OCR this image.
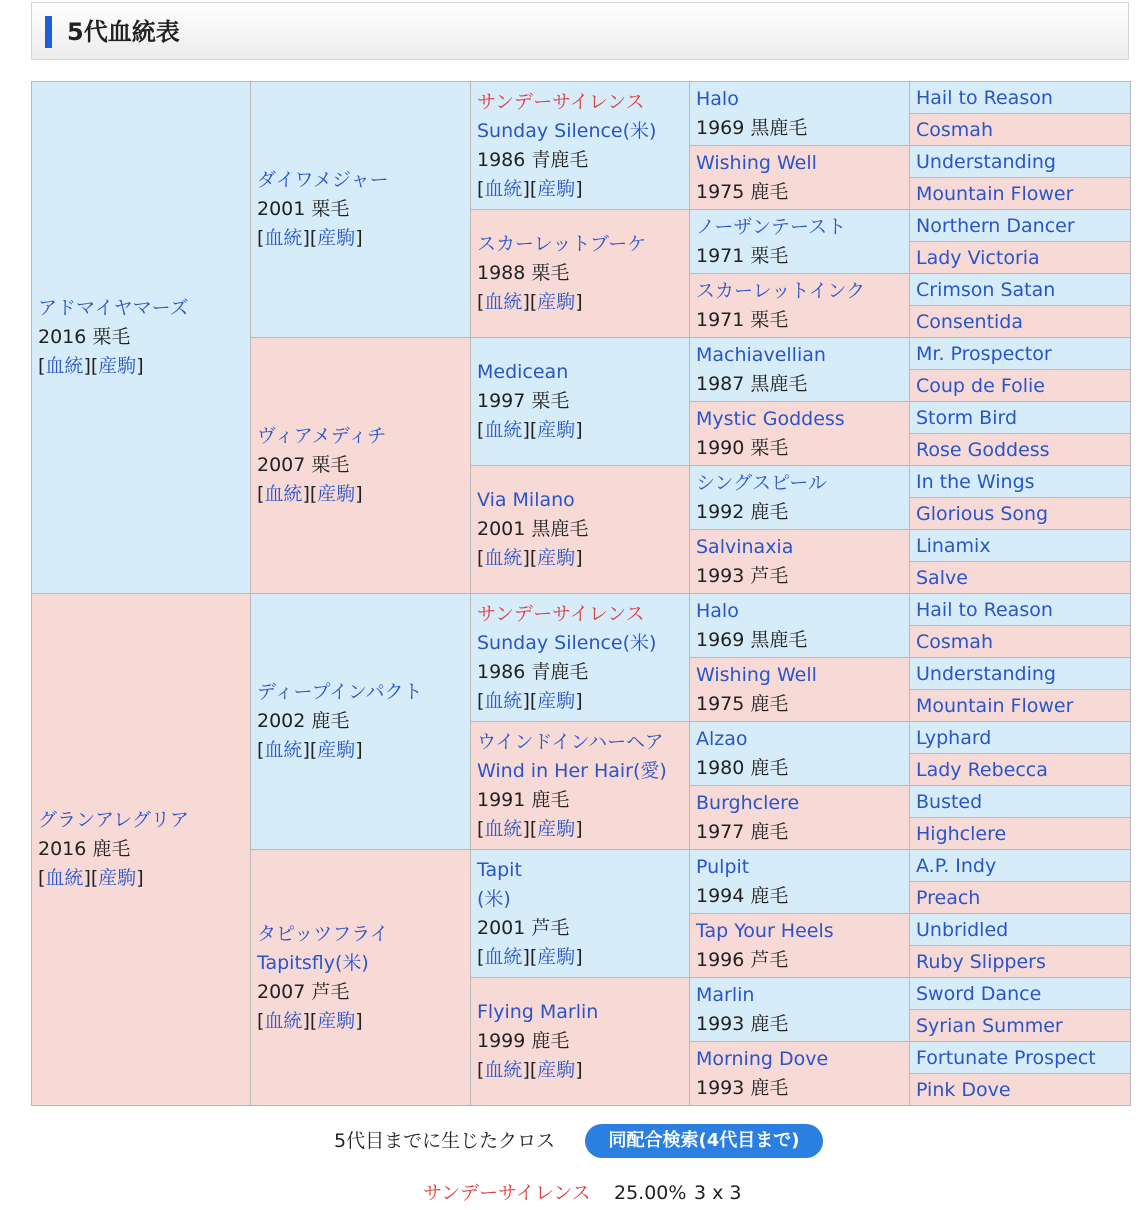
5代血統表
アドマイヤマーズ
2016 栗毛
[血統][産駒]	ダイワメジャー
2001 栗毛
[血統][産駒]	サンデーサイレンス
Sunday Silence(米)
1986 青鹿毛
[血統][産駒]	Halo
1969 黒鹿毛	Hail to Reason

				Cosmah

			Wishing Well
1975 鹿毛	Understanding

				Mountain Flower

		スカーレットブーケ
1988 栗毛
[血統][産駒]	ノーザンテースト
1971 栗毛	Northern Dancer

				Lady Victoria

			スカーレットインク
1971 栗毛	Crimson Satan

				Consentida

	ヴィアメディチ
2007 栗毛
[血統][産駒]	Medicean
1997 栗毛
[血統][産駒]	Machiavellian
1987 黒鹿毛	Mr. Prospector

				Coup de Folie

			Mystic Goddess
1990 栗毛	Storm Bird

				Rose Goddess

		Via Milano
2001 黒鹿毛
[血統][産駒]	シングスピール
1992 鹿毛	In the Wings

				Glorious Song

			Salvinaxia
1993 芦毛	Linamix

				Salve

グランアレグリア
2016 鹿毛
[血統][産駒]	ディープインパクト
2002 鹿毛
[血統][産駒]	サンデーサイレンス
Sunday Silence(米)
1986 青鹿毛
[血統][産駒]	Halo
1969 黒鹿毛	Hail to Reason

				Cosmah

			Wishing Well
1975 鹿毛	Understanding

				Mountain Flower

		ウインドインハーヘア
Wind in Her Hair(愛)
1991 鹿毛
[血統][産駒]	Alzao
1980 鹿毛	Lyphard

				Lady Rebecca

			Burghclere
1977 鹿毛	Busted

				Highclere

	タピッツフライ
Tapitsfly(米)
2007 芦毛
[血統][産駒]	Tapit
(米)
2001 芦毛
[血統][産駒]	Pulpit
1994 鹿毛	A.P. Indy

				Preach

			Tap Your Heels
1996 芦毛	Unbridled

				Ruby Slippers

		Flying Marlin
1999 鹿毛
[血統][産駒]	Marlin
1993 鹿毛	Sword Dance

				Syrian Summer

			Morning Dove
1993 鹿毛	Fortunate Prospect

				Pink Dove
5代目までに生じたクロス	同配合検索(4代目まで)
サンデーサイレンス 25.00% 3 x 3
